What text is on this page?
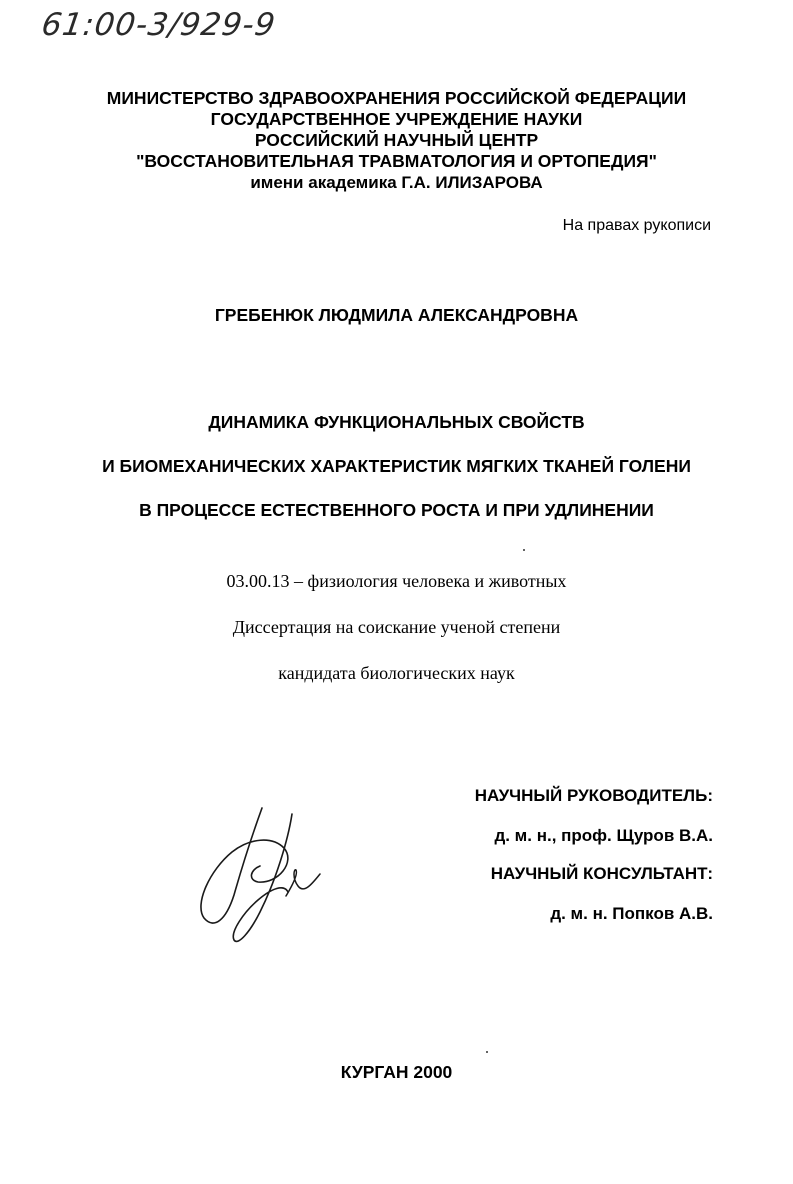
61:00-3/929-9
МИНИСТЕРСТВО ЗДРАВООХРАНЕНИЯ РОССИЙСКОЙ ФЕДЕРАЦИИ
ГОСУДАРСТВЕННОЕ УЧРЕЖДЕНИЕ НАУКИ
РОССИЙСКИЙ НАУЧНЫЙ ЦЕНТР
"ВОССТАНОВИТЕЛЬНАЯ ТРАВМАТОЛОГИЯ И ОРТОПЕДИЯ"
имени академика Г.А. ИЛИЗАРОВА
На правах рукописи
ГРЕБЕНЮК ЛЮДМИЛА АЛЕКСАНДРОВНА
ДИНАМИКА ФУНКЦИОНАЛЬНЫХ СВОЙСТВ
И БИОМЕХАНИЧЕСКИХ ХАРАКТЕРИСТИК МЯГКИХ ТКАНЕЙ ГОЛЕНИ
В ПРОЦЕССЕ ЕСТЕСТВЕННОГО РОСТА И ПРИ УДЛИНЕНИИ
03.00.13 – физиология человека и животных
Диссертация на соискание ученой степени
кандидата биологических наук
НАУЧНЫЙ РУКОВОДИТЕЛЬ:
д. м. н., проф. Щуров В.А.
НАУЧНЫЙ КОНСУЛЬТАНТ:
д. м. н. Попков А.В.
КУРГАН 2000
